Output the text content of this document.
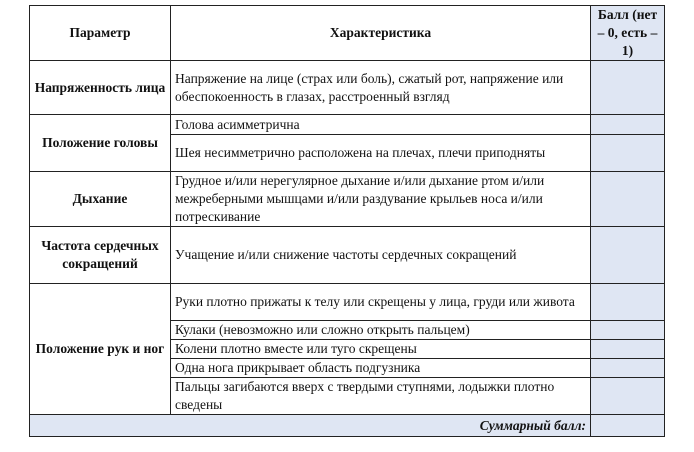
Параметр	Характеристика	Балл (нет – 0, есть – 1)
Напряженность лица	Напряжение на лице (страх или боль), сжатый рот, напряжение или обеспокоенность в глазах, расстроенный взгляд	
Положение головы	Голова асимметрична	
	Шея несимметрично расположена на плечах, плечи приподняты	
Дыхание	Грудное и/или нерегулярное дыхание и/или дыхание ртом и/или межреберными мышцами и/или раздувание крыльев носа и/или потрескивание	
Частота сердечных сокращений	Учащение и/или снижение частоты сердечных сокращений	
Положение рук и ног	Руки плотно прижаты к телу или скрещены у лица, груди или живота	
	Кулаки (невозможно или сложно открыть пальцем)	
	Колени плотно вместе или туго скрещены	
	Одна нога прикрывает область подгузника	
	Пальцы загибаются вверх с твердыми ступнями, лодыжки плотно сведены	
Суммарный балл:		
